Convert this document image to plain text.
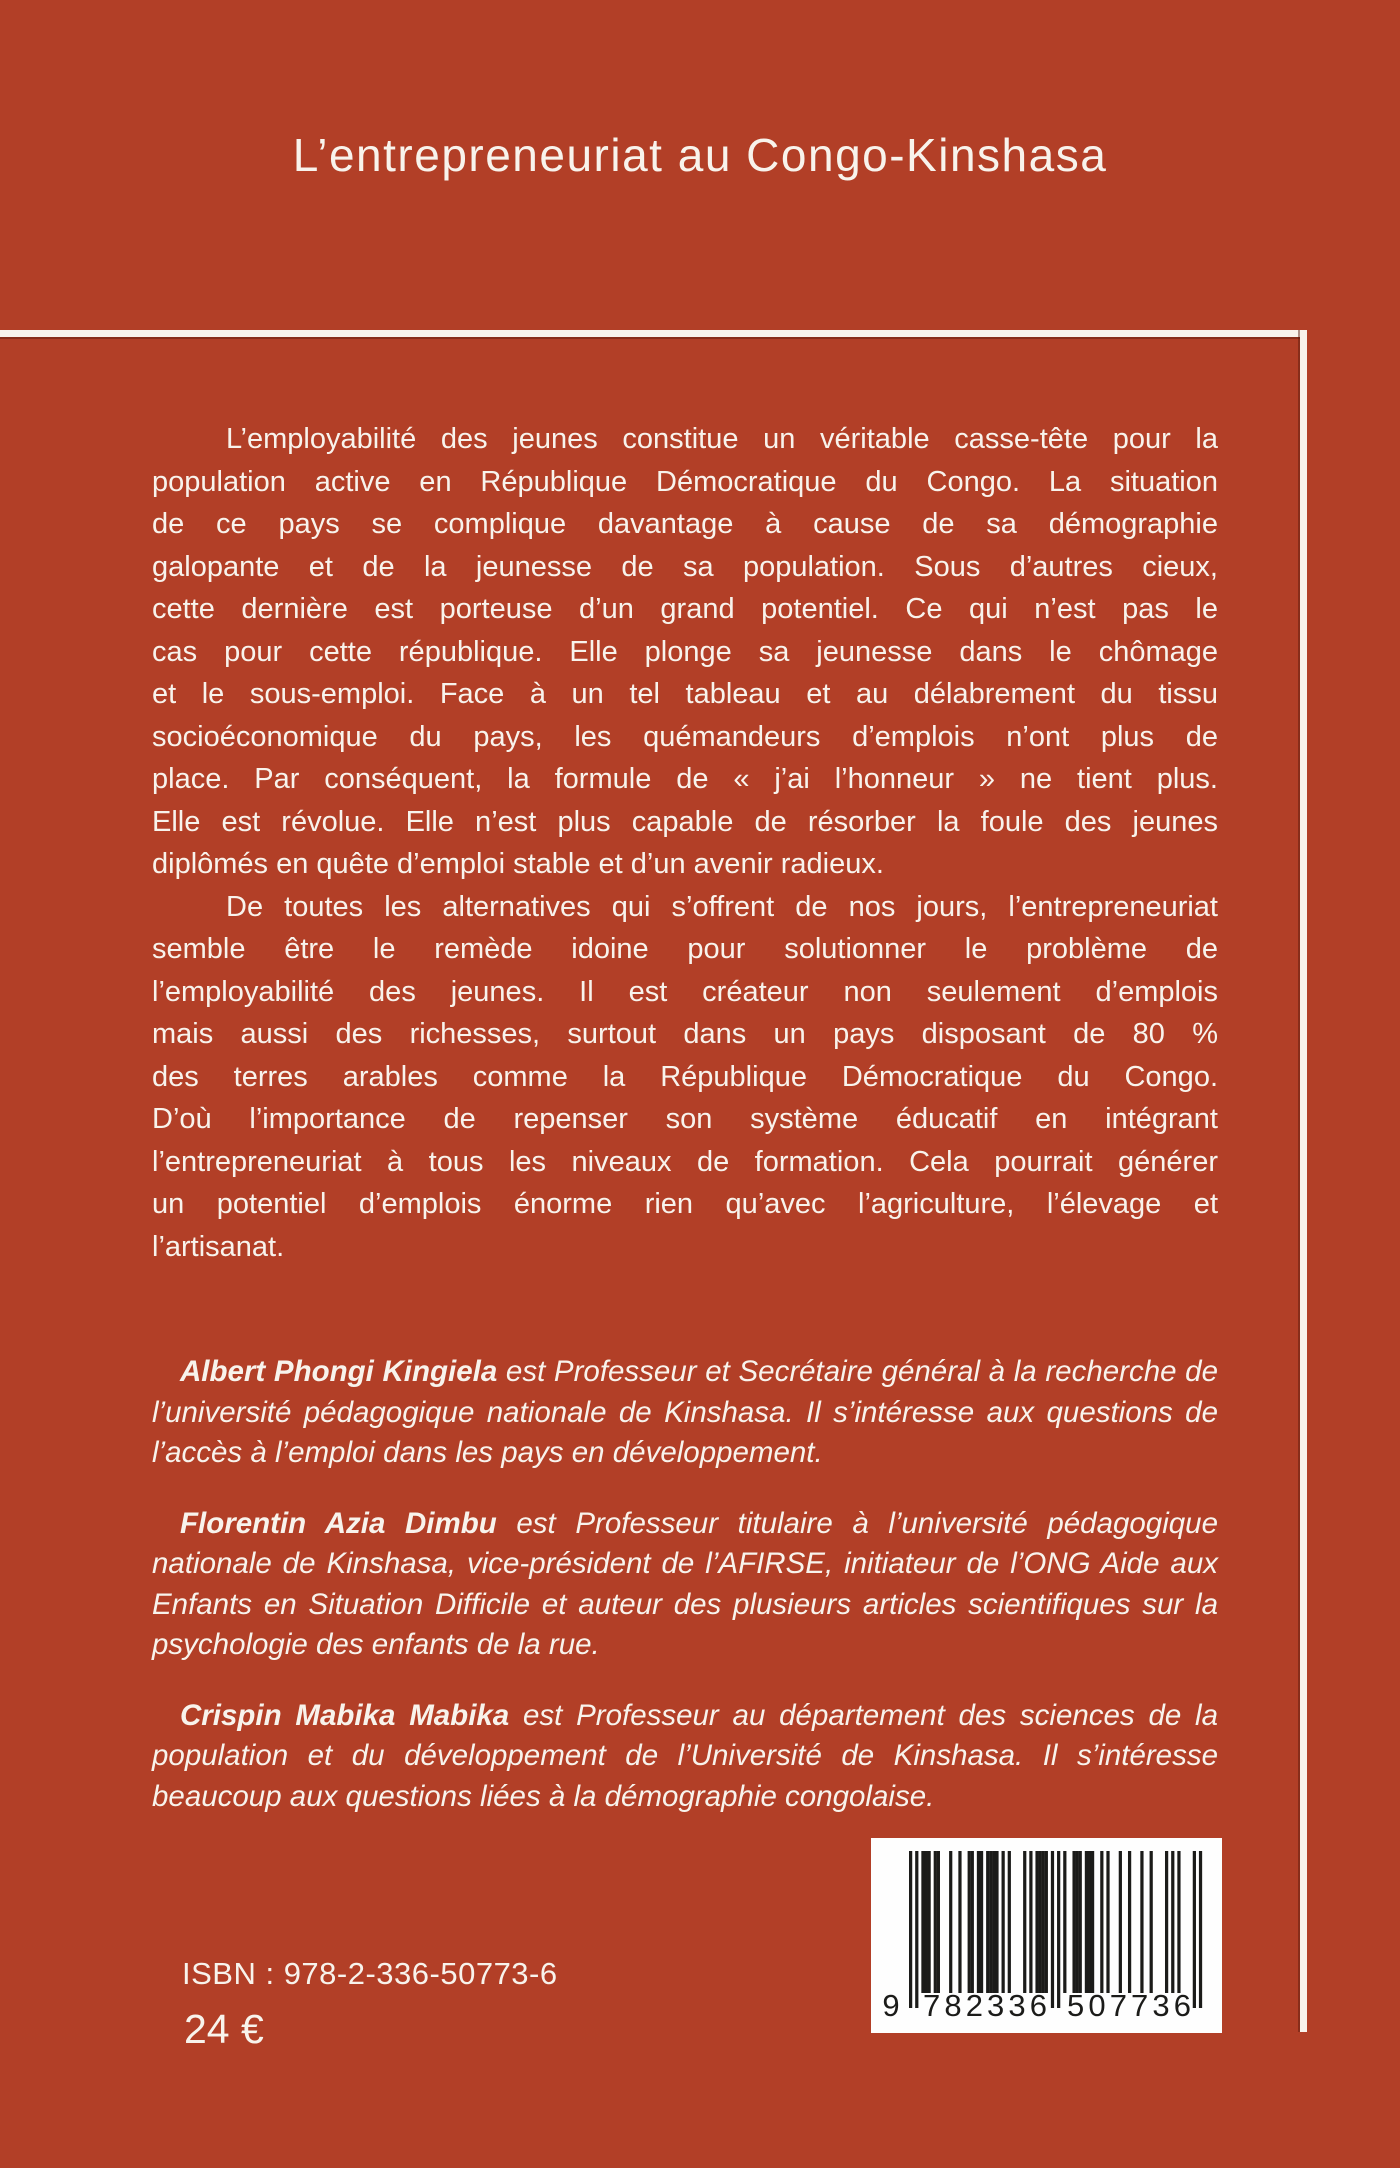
L’entrepreneuriat au Congo-Kinshasa
L’employabilité des jeunes constitue un véritable casse-tête pour la
population active en République Démocratique du Congo. La situation
de ce pays se complique davantage à cause de sa démographie
galopante et de la jeunesse de sa population. Sous d’autres cieux,
cette dernière est porteuse d’un grand potentiel. Ce qui n’est pas le
cas pour cette république. Elle plonge sa jeunesse dans le chômage
et le sous-emploi. Face à un tel tableau et au délabrement du tissu
socioéconomique du pays, les quémandeurs d’emplois n’ont plus de
place. Par conséquent, la formule de « j’ai l’honneur » ne tient plus.
Elle est révolue. Elle n’est plus capable de résorber la foule des jeunes
diplômés en quête d’emploi stable et d’un avenir radieux.
De toutes les alternatives qui s’offrent de nos jours, l’entrepreneuriat
semble être le remède idoine pour solutionner le problème de
l’employabilité des jeunes. Il est créateur non seulement d’emplois
mais aussi des richesses, surtout dans un pays disposant de 80 %
des terres arables comme la République Démocratique du Congo.
D’où l’importance de repenser son système éducatif en intégrant
l’entrepreneuriat à tous les niveaux de formation. Cela pourrait générer
un potentiel d’emplois énorme rien qu’avec l’agriculture, l’élevage et
l’artisanat.

Albert Phongi Kingiela est Professeur et Secrétaire général à la recherche de l’université pédagogique nationale de Kinshasa. Il s’intéresse aux questions de l’accès à l’emploi dans les pays en développement.

Florentin Azia Dimbu est Professeur titulaire à l’université pédagogique nationale de Kinshasa, vice-président de l’AFIRSE, initiateur de l’ONG Aide aux Enfants en Situation Difficile et auteur des plusieurs articles scientifiques sur la psychologie des enfants de la rue.

Crispin Mabika Mabika est Professeur au département des sciences de la population et du développement de l’Université de Kinshasa. Il s’intéresse beaucoup aux questions liées à la démographie congolaise.

ISBN : 978-2-336-50773-6
24 €
9 7 8 2 3 3 6 5 0 7 7 3 6
